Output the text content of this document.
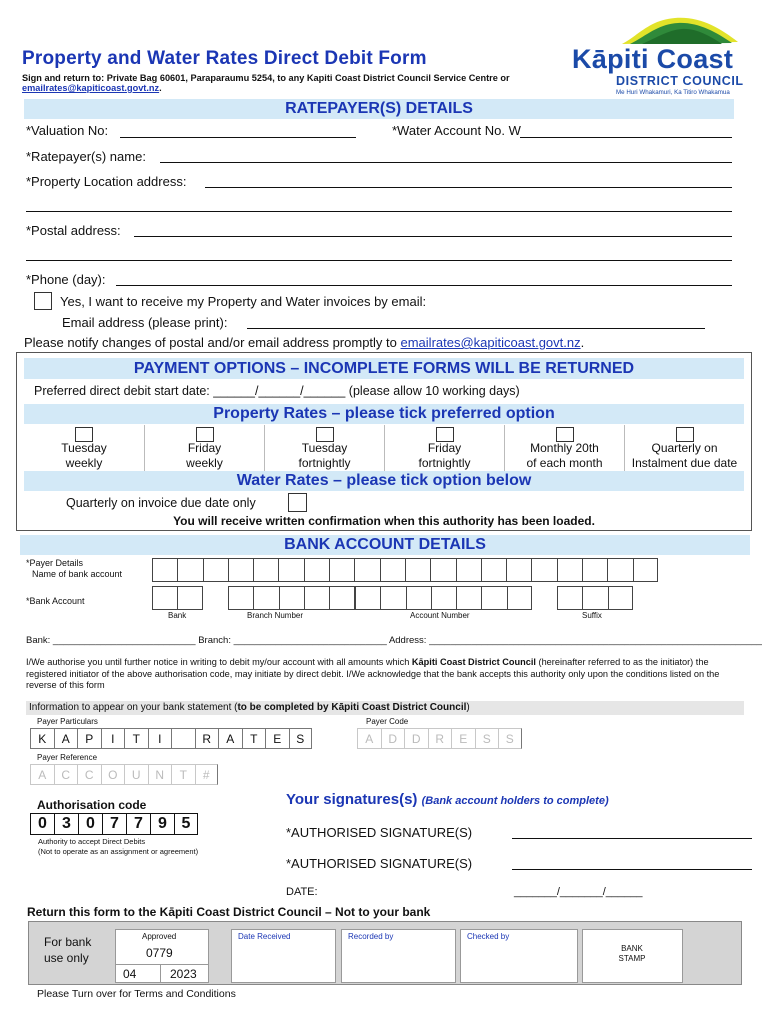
Property and Water Rates Direct Debit Form
Sign and return to: Private Bag 60601, Paraparaumu 5254, to any Kapiti Coast District Council Service Centre or
emailrates@kapiticoast.govt.nz.
Kāpiti Coast
DISTRICT COUNCIL
Me Huri Whakamuri, Ka Titiro Whakamua
RATEPAYER(S) DETAILS
*Valuation No:	*Water Account No. W
*Ratepayer(s) name:
*Property Location address:
*Postal address:
*Phone (day):
Yes, I want to receive my Property and Water invoices by email:
Email address (please print):
Please notify changes of postal and/or email address promptly to emailrates@kapiticoast.govt.nz.
PAYMENT OPTIONS – INCOMPLETE FORMS WILL BE RETURNED
Preferred direct debit start date: ______/______/______ (please allow 10 working days)
Property Rates – please tick preferred option
Tuesday
weekly
Friday
weekly
Tuesday
fortnightly
Friday
fortnightly
Monthly 20th
of each month
Quarterly on
Instalment due date
Water Rates – please tick option below
Quarterly on invoice due date only
You will receive written confirmation when this authority has been loaded.
BANK ACCOUNT DETAILS
*Payer Details
Name of bank account
*Bank Account
Bank	Branch Number	Account Number	Suffix
Bank: ___________________________ Branch: _____________________________ Address: _______________________________________________________________
I/We authorise you until further notice in writing to debit my/our account with all amounts which Kāpiti Coast District Council (hereinafter referred to as the initiator) the registered initiator of the above authorisation code, may initiate by direct debit. I/We acknowledge that the bank accepts this authority only upon the conditions listed on the reverse of this form
Information to appear on your bank statement (to be completed by Kāpiti Coast District Council)
Payer Particulars	Payer Code
K	A	P	I	T	I	R	A	T	E	S	A	D	D	R	E	S	S
Payer Reference
A	C	C	O	U	N	T	#
Authorisation code
0 3 0 7 7 9 5
Authority to accept Direct Debits
(Not to operate as an assignment or agreement)
Your signatures(s) (Bank account holders to complete)
*AUTHORISED SIGNATURE(S)
*AUTHORISED SIGNATURE(S)
DATE:	_______/_______/______
Return this form to the Kāpiti Coast District Council – Not to your bank
For bank use only
Approved
0779
04	2023
Date Received	Recorded by	Checked by
BANK STAMP
Please Turn over for Terms and Conditions
